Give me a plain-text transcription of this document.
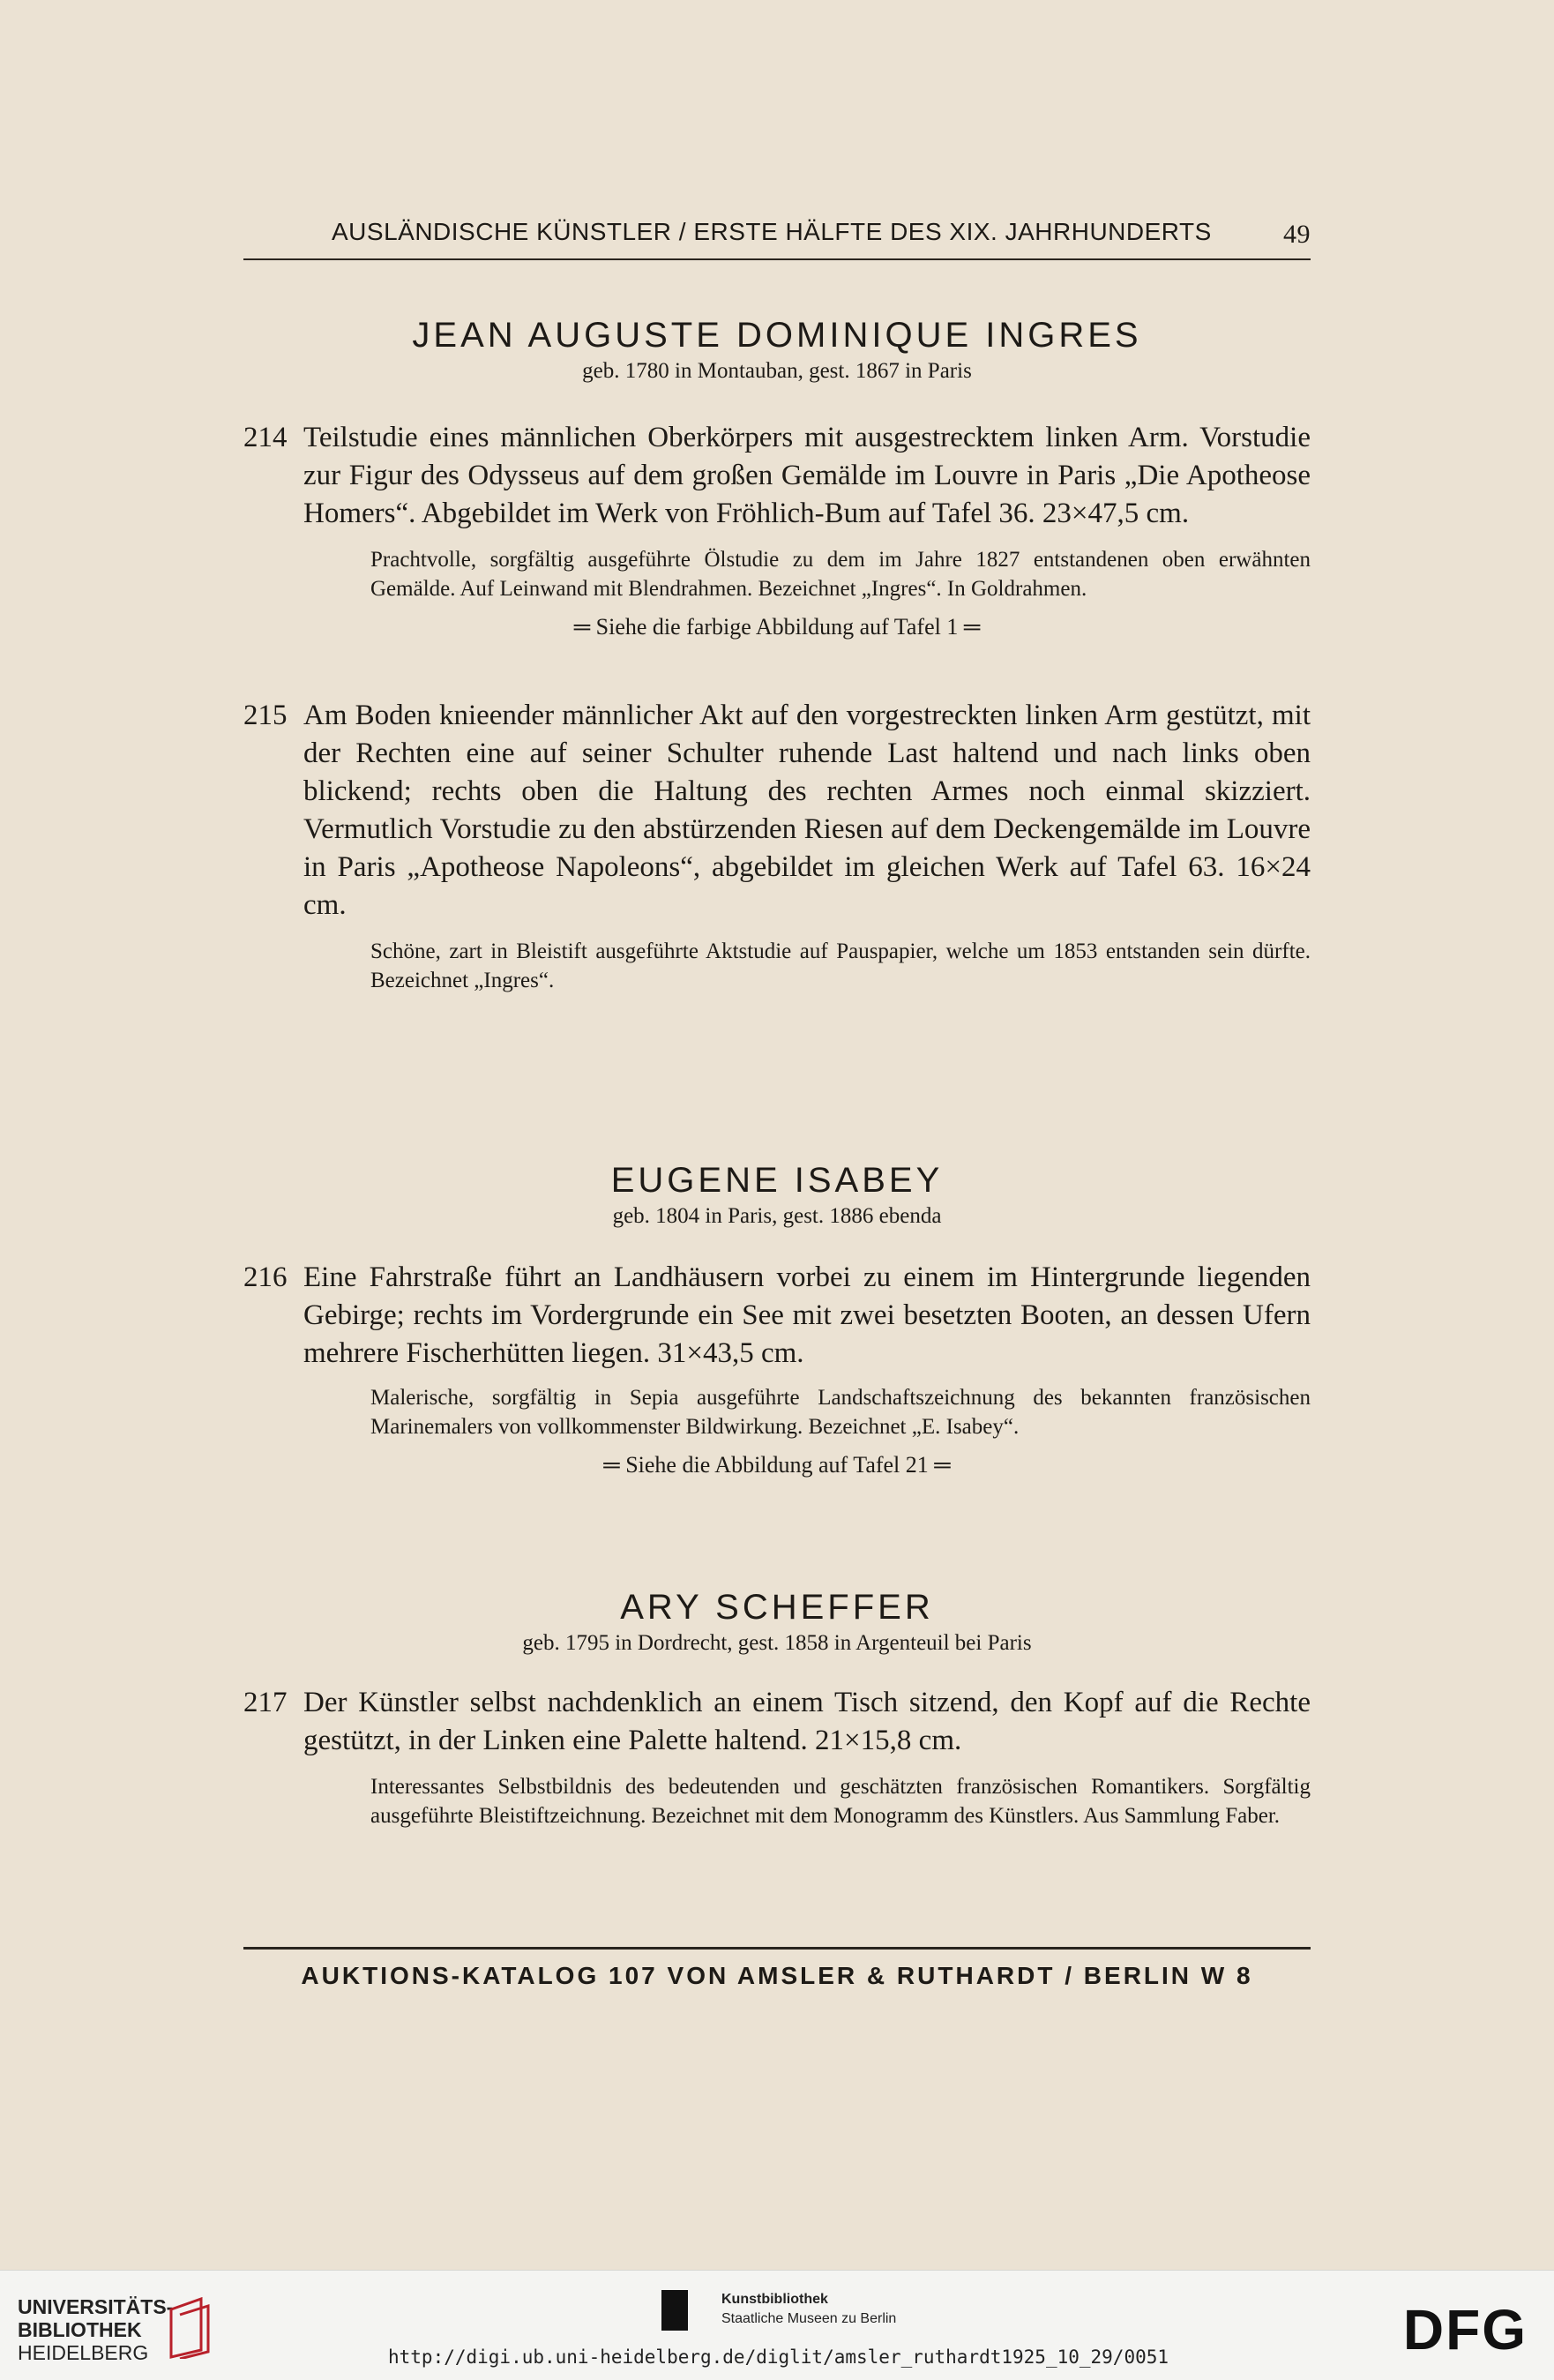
AUSLÄNDISCHE KÜNSTLER / ERSTE HÄLFTE DES XIX. JAHRHUNDERTS	49
JEAN AUGUSTE DOMINIQUE INGRES
geb. 1780 in Montauban, gest. 1867 in Paris
214 Teilstudie eines männlichen Oberkörpers mit ausgestrecktem linken Arm. Vorstudie zur Figur des Odysseus auf dem großen Gemälde im Louvre in Paris „Die Apotheose Homers“. Abgebildet im Werk von Fröhlich-Bum auf Tafel 36. 23×47,5 cm.
Prachtvolle, sorgfältig ausgeführte Ölstudie zu dem im Jahre 1827 entstandenen oben erwähnten Gemälde. Auf Leinwand mit Blendrahmen. Bezeichnet „Ingres“. In Goldrahmen.
═ Siehe die farbige Abbildung auf Tafel 1 ═
215 Am Boden knieender männlicher Akt auf den vorgestreckten linken Arm gestützt, mit der Rechten eine auf seiner Schulter ruhende Last haltend und nach links oben blickend; rechts oben die Haltung des rechten Armes noch einmal skizziert. Vermutlich Vorstudie zu den abstürzenden Riesen auf dem Deckengemälde im Louvre in Paris „Apotheose Napoleons“, abgebildet im gleichen Werk auf Tafel 63. 16×24 cm.
Schöne, zart in Bleistift ausgeführte Aktstudie auf Pauspapier, welche um 1853 entstanden sein dürfte. Bezeichnet „Ingres“.
EUGENE ISABEY
geb. 1804 in Paris, gest. 1886 ebenda
216 Eine Fahrstraße führt an Landhäusern vorbei zu einem im Hintergrunde liegenden Gebirge; rechts im Vordergrunde ein See mit zwei besetzten Booten, an dessen Ufern mehrere Fischerhütten liegen. 31×43,5 cm.
Malerische, sorgfältig in Sepia ausgeführte Landschaftszeichnung des bekannten französischen Marinemalers von vollkommenster Bildwirkung. Bezeichnet „E. Isabey“.
═ Siehe die Abbildung auf Tafel 21 ═
ARY SCHEFFER
geb. 1795 in Dordrecht, gest. 1858 in Argenteuil bei Paris
217 Der Künstler selbst nachdenklich an einem Tisch sitzend, den Kopf auf die Rechte gestützt, in der Linken eine Palette haltend. 21×15,8 cm.
Interessantes Selbstbildnis des bedeutenden und geschätzten französischen Romantikers. Sorgfältig ausgeführte Bleistiftzeichnung. Bezeichnet mit dem Monogramm des Künstlers. Aus Sammlung Faber.
AUKTIONS-KATALOG 107 VON AMSLER & RUTHARDT / BERLIN W 8
UNIVERSITÄTS-
BIBLIOTHEK
HEIDELBERG
Kunstbibliothek
Staatliche Museen zu Berlin	DFG
http://digi.ub.uni-heidelberg.de/diglit/amsler_ruthardt1925_10_29/0051
